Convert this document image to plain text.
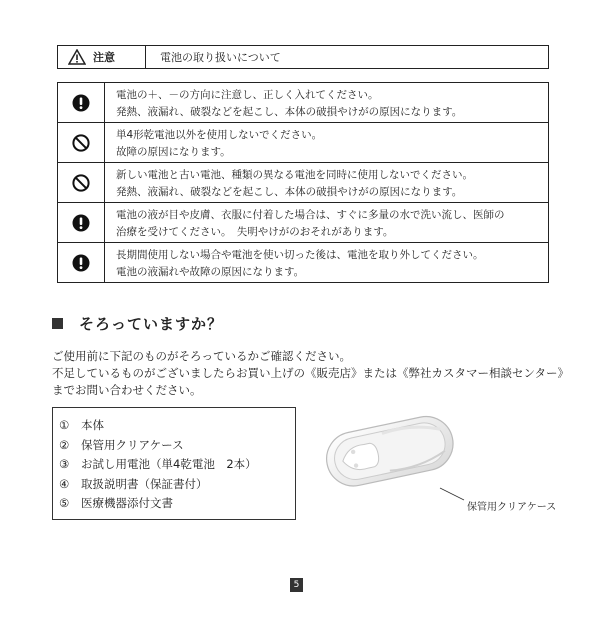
注意	電池の取り扱いについて
電池の＋、－の方向に注意し、正しく入れてください。
発熱、液漏れ、破裂などを起こし、本体の破損やけがの原因になります。
単4形乾電池以外を使用しないでください。
故障の原因になります。
新しい電池と古い電池、種類の異なる電池を同時に使用しないでください。
発熱、液漏れ、破裂などを起こし、本体の破損やけがの原因になります。
電池の液が目や皮膚、衣服に付着した場合は、すぐに多量の水で洗い流し、医師の
治療を受けてください。　失明やけがのおそれがあります。
長期間使用しない場合や電池を使い切った後は、電池を取り外してください。
電池の液漏れや故障の原因になります。
そろっていますか？
ご使用前に下記のものがそろっているかご確認ください。
不足しているものがございましたらお買い上げの《販売店》または《弊社カスタマー相談センター》
までお問い合わせください。
①	本体
②	保管用クリアケース
③	お試し用電池（単4乾電池　2本）
④	取扱説明書（保証書付）
⑤	医療機器添付文書	保管用クリアケース
5
